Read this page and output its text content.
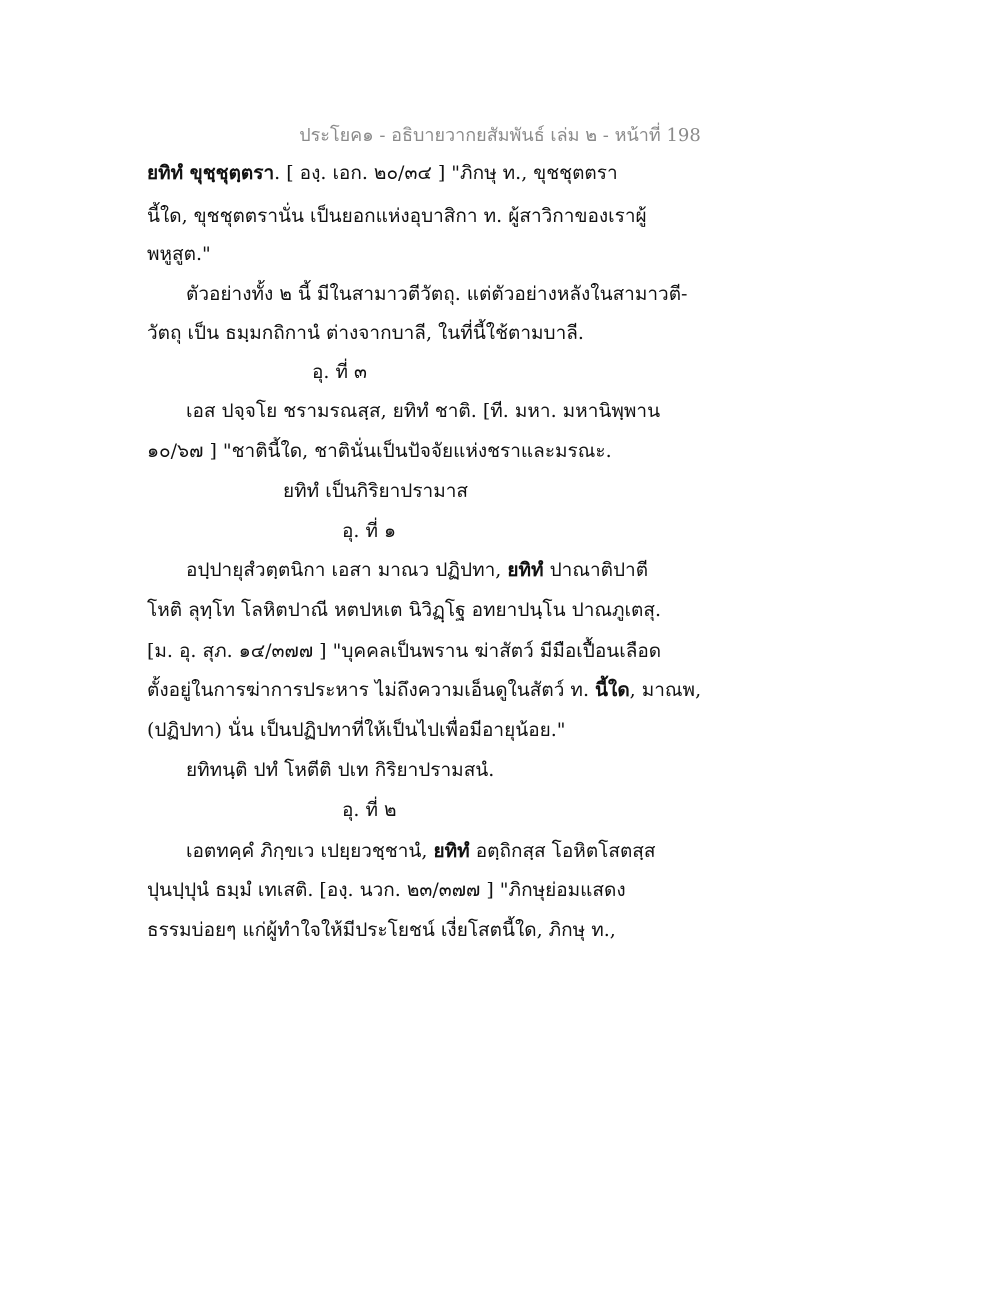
ประโยค๑ - อธิบายวากยสัมพันธ์ เล่ม ๒ - หน้าที่ 198
ยทิทํ ขุชฺชุตฺตรา. [ องฺ. เอก. ๒๐/๓๔ ] "ภิกษุ ท., ขุชชุตตรา
นี้ใด, ขุชชุตตรานั่น เป็นยอกแห่งอุบาสิกา ท. ผู้สาวิกาของเราผู้
พหูสูต."
ตัวอย่างทั้ง ๒ นี้ มีในสามาวตีวัตถุ. แต่ตัวอย่างหลังในสามาวตี-
วัตถุ เป็น ธมฺมกถิกานํ ต่างจากบาลี, ในที่นี้ใช้ตามบาลี.
อุ. ที่ ๓
เอส ปจฺจโย ชรามรณสฺส, ยทิทํ ชาติ. [ที. มหา. มหานิพฺพาน
๑๐/๖๗ ] "ชาตินี้ใด, ชาตินั่นเป็นปัจจัยแห่งชราและมรณะ.
ยทิทํ เป็นกิริยาปรามาส
อุ. ที่ ๑
อปฺปายุสํวตฺตนิกา เอสา มาณว ปฏิปทา, ยทิทํ ปาณาติปาตี
โหติ ลุทฺโท โลหิตปาณี หตปหเต นิวิฏฺโฐ อทยาปนฺโน ปาณภูเตสุ.
[ม. อุ. สุภ. ๑๔/๓๗๗ ] "บุคคลเป็นพราน ฆ่าสัตว์ มีมือเปื้อนเลือด
ตั้งอยู่ในการฆ่าการประหาร ไม่ถึงความเอ็นดูในสัตว์ ท. นี้ใด, มาณพ,
(ปฏิปทา) นั่น เป็นปฏิปทาที่ให้เป็นไปเพื่อมีอายุน้อย."
ยทิทนฺติ ปทํ โหตีติ ปเท กิริยาปรามสนํ.
อุ. ที่ ๒
เอตทคฺคํ ภิกฺขเว เปยฺยวชฺชานํ, ยทิทํ อตฺถิกสฺส โอหิตโสตสฺส
ปุนปฺปุนํ ธมฺมํ เทเสติ. [องฺ. นวก. ๒๓/๓๗๗ ] "ภิกษุย่อมแสดง
ธรรมบ่อยๆ แก่ผู้ทำใจให้มีประโยชน์ เงี่ยโสตนี้ใด, ภิกษุ ท.,
